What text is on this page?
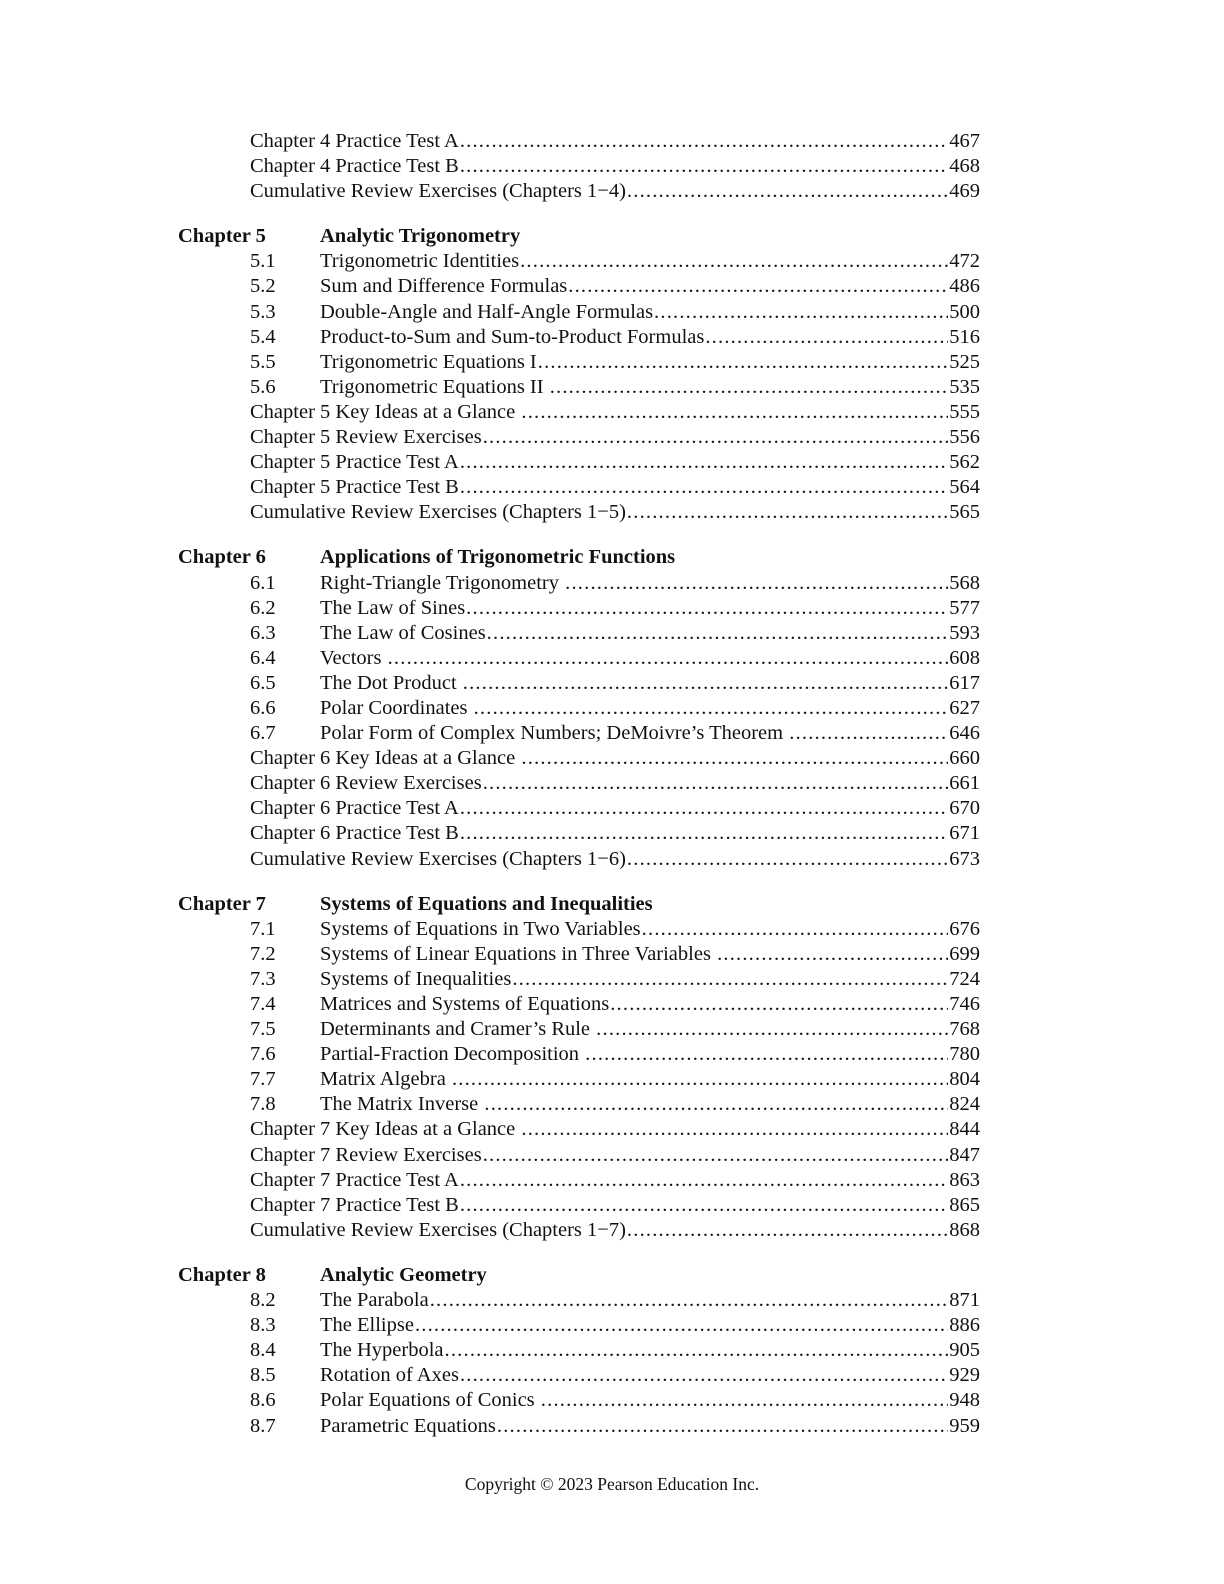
Chapter 4 Practice Test A .....	467
Chapter 4 Practice Test B .....	468
Cumulative Review Exercises (Chapters 1−4) .....	469
Chapter 5	Analytic Trigonometry
5.1	Trigonometric Identities .....	472
5.2	Sum and Difference Formulas .....	486
5.3	Double-Angle and Half-Angle Formulas .....	500
5.4	Product-to-Sum and Sum-to-Product Formulas .....	516
5.5	Trigonometric Equations I .....	525
5.6	Trigonometric Equations II .....	535
Chapter 5 Key Ideas at a Glance .....	555
Chapter 5 Review Exercises .....	556
Chapter 5 Practice Test A .....	562
Chapter 5 Practice Test B .....	564
Cumulative Review Exercises (Chapters 1−5) .....	565
Chapter 6	Applications of Trigonometric Functions
6.1	Right-Triangle Trigonometry .....	568
6.2	The Law of Sines .....	577
6.3	The Law of Cosines .....	593
6.4	Vectors .....	608
6.5	The Dot Product .....	617
6.6	Polar Coordinates .....	627
6.7	Polar Form of Complex Numbers; DeMoivre’s Theorem .....	646
Chapter 6 Key Ideas at a Glance .....	660
Chapter 6 Review Exercises .....	661
Chapter 6 Practice Test A .....	670
Chapter 6 Practice Test B .....	671
Cumulative Review Exercises (Chapters 1−6) .....	673
Chapter 7	Systems of Equations and Inequalities
7.1	Systems of Equations in Two Variables .....	676
7.2	Systems of Linear Equations in Three Variables .....	699
7.3	Systems of Inequalities .....	724
7.4	Matrices and Systems of Equations .....	746
7.5	Determinants and Cramer’s Rule .....	768
7.6	Partial-Fraction Decomposition .....	780
7.7	Matrix Algebra .....	804
7.8	The Matrix Inverse .....	824
Chapter 7 Key Ideas at a Glance .....	844
Chapter 7 Review Exercises .....	847
Chapter 7 Practice Test A .....	863
Chapter 7 Practice Test B .....	865
Cumulative Review Exercises (Chapters 1−7) .....	868
Chapter 8	Analytic Geometry
8.2	The Parabola .....	871
8.3	The Ellipse .....	886
8.4	The Hyperbola .....	905
8.5	Rotation of Axes .....	929
8.6	Polar Equations of Conics .....	948
8.7	Parametric Equations .....	959
Copyright © 2023 Pearson Education Inc.
